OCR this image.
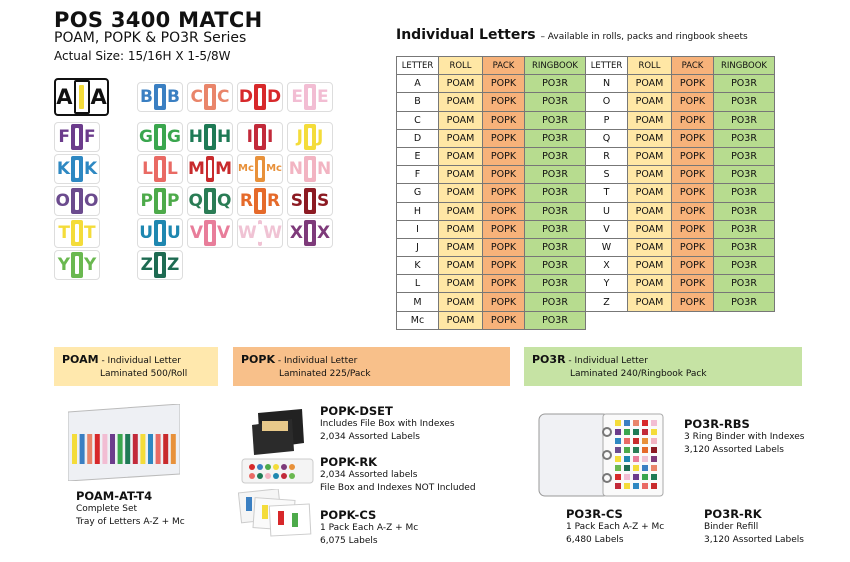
POS 3400 MATCH
POAM, POPK & PO3R Series
Actual Size: 15/16H X 1-5/8W
A A B B C C D D E E
F F	G G H H I I J J
K K	L L M M Mc Mc N N
O O P P Q Q R R S S
T T	U U V V W W X X
Y Y	Z Z
Individual Letters – Available in rolls, packs and ringbook sheets
LETTER	ROLL	PACK	RINGBOOK	LETTER	ROLL	PACK	RINGBOOK
A	POAM	POPK	PO3R	N	POAM	POPK	PO3R
B	POAM	POPK	PO3R	O	POAM	POPK	PO3R
C	POAM	POPK	PO3R	P	POAM	POPK	PO3R
D	POAM	POPK	PO3R	Q	POAM	POPK	PO3R
E	POAM	POPK	PO3R	R	POAM	POPK	PO3R
F	POAM	POPK	PO3R	S	POAM	POPK	PO3R
G	POAM	POPK	PO3R	T	POAM	POPK	PO3R
H	POAM	POPK	PO3R	U	POAM	POPK	PO3R
I	POAM	POPK	PO3R	V	POAM	POPK	PO3R
J	POAM	POPK	PO3R	W	POAM	POPK	PO3R
K	POAM	POPK	PO3R	X	POAM	POPK	PO3R
L	POAM	POPK	PO3R	Y	POAM	POPK	PO3R
M	POAM	POPK	PO3R	Z	POAM	POPK	PO3R
Mc	POAM	POPK	PO3R				
POAM - Individual Letter
Laminated 500/Roll
POPK - Individual Letter
Laminated 225/Pack
PO3R - Individual Letter
Laminated 240/Ringbook Pack
POAM-AT-T4
Complete Set
Tray of Letters A-Z + Mc
POPK-DSET
Includes File Box with Indexes
2,034 Assorted Labels
POPK-RK
2,034 Assorted labels
File Box and Indexes NOT Included
POPK-CS
1 Pack Each A-Z + Mc
6,075 Labels
PO3R-RBS
3 Ring Binder with Indexes
3,120 Assorted Labels
PO3R-CS
1 Pack Each A-Z + Mc
6,480 Labels
PO3R-RK
Binder Refill
3,120 Assorted Labels
